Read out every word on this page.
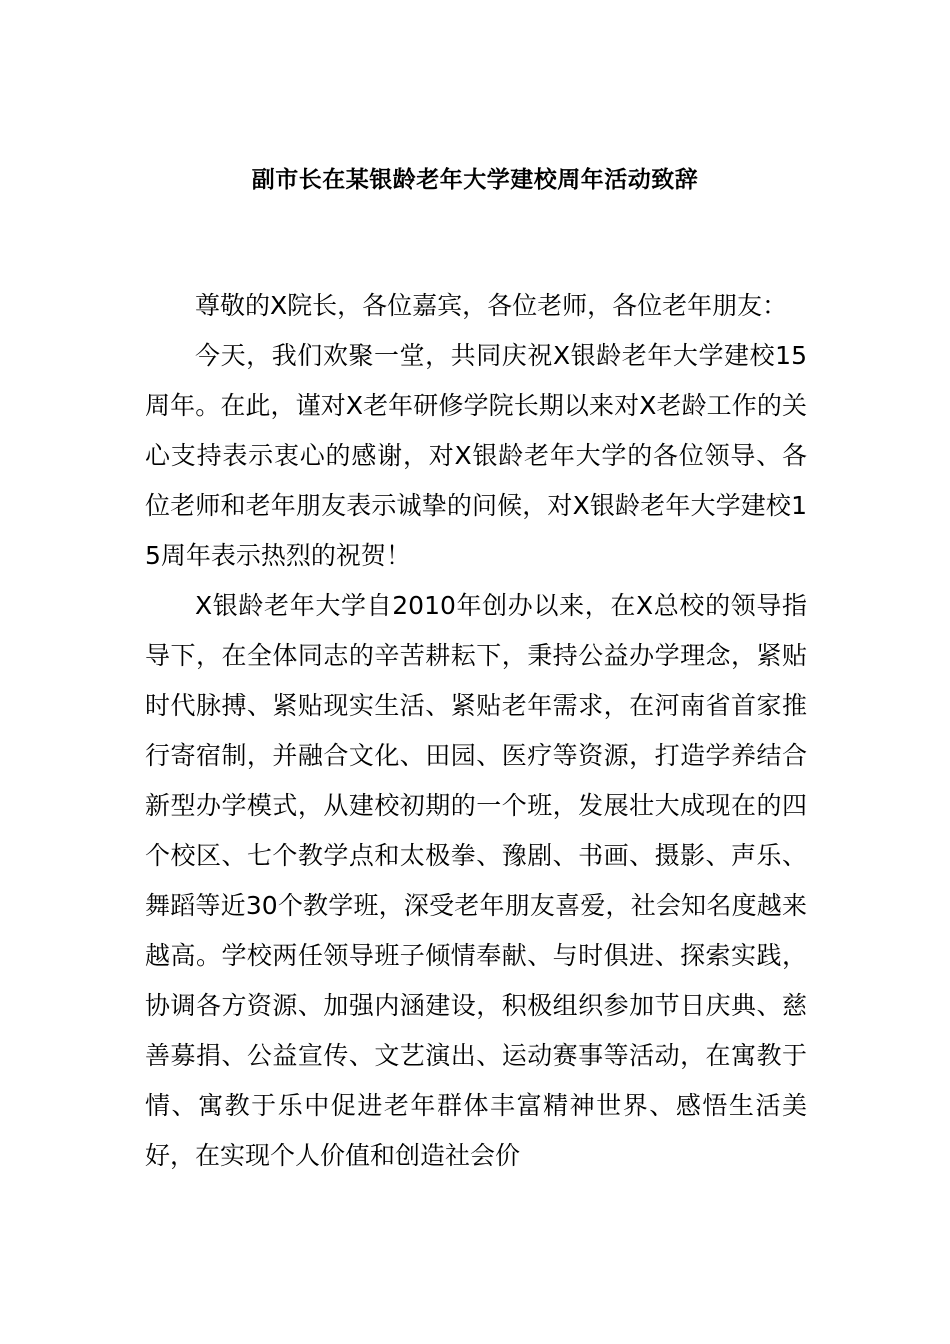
副市长在某银龄老年大学建校周年活动致辞

尊敬的X院长，各位嘉宾，各位老师，各位老年朋友：

今天，我们欢聚一堂，共同庆祝X银龄老年大学建校15周年。在此，谨对X老年研修学院长期以来对X老龄工作的关心支持表示衷心的感谢，对X银龄老年大学的各位领导、各位老师和老年朋友表示诚挚的问候，对X银龄老年大学建校15周年表示热烈的祝贺！

X银龄老年大学自2010年创办以来，在X总校的领导指导下，在全体同志的辛苦耕耘下，秉持公益办学理念，紧贴时代脉搏、紧贴现实生活、紧贴老年需求，在河南省首家推行寄宿制，并融合文化、田园、医疗等资源，打造学养结合新型办学模式，从建校初期的一个班，发展壮大成现在的四个校区、七个教学点和太极拳、豫剧、书画、摄影、声乐、舞蹈等近30个教学班，深受老年朋友喜爱，社会知名度越来越高。学校两任领导班子倾情奉献、与时俱进、探索实践，协调各方资源、加强内涵建设，积极组织参加节日庆典、慈善募捐、公益宣传、文艺演出、运动赛事等活动，在寓教于情、寓教于乐中促进老年群体丰富精神世界、感悟生活美好，在实现个人价值和创造社会价
